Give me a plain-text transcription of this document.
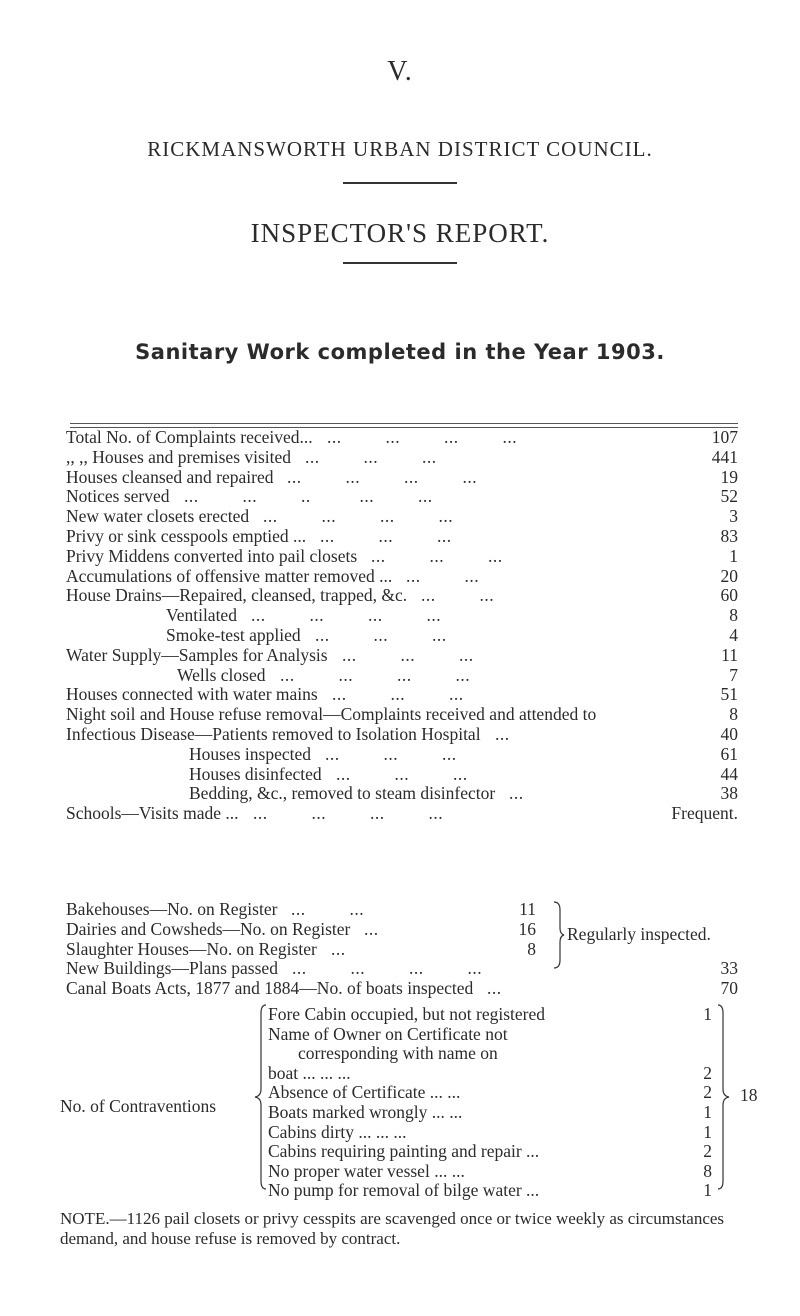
V.
RICKMANSWORTH URBAN DISTRICT COUNCIL.
INSPECTOR'S REPORT.
Sanitary Work completed in the Year 1903.
Total No. of Complaints received... ...         ...         ...         ...	107
,, ,, Houses and premises visited ...         ...         ...	441
Houses cleansed and repaired ...         ...         ...         ...	19
Notices served ...         ...         ..          ...         ...	52
New water closets erected ...         ...         ...         ...	3
Privy or sink cesspools emptied ... ...         ...         ...	83
Privy Middens converted into pail closets ...         ...         ...	1
Accumulations of offensive matter removed ... ...         ...	20
House Drains—Repaired, cleansed, trapped, &c. ...         ...	60
Ventilated ...         ...         ...         ...	8
Smoke-test applied ...         ...         ...	4
Water Supply—Samples for Analysis ...         ...         ...	11
Wells closed ...         ...         ...         ...	7
Houses connected with water mains ...         ...         ...	51
Night soil and House refuse removal—Complaints received and attended to	8
Infectious Disease—Patients removed to Isolation Hospital ...	40
Houses inspected ...         ...         ...	61
Houses disinfected ...         ...         ...	44
Bedding, &c., removed to steam disinfector ...	38
Schools—Visits made ... ...         ...         ...         ...	Frequent.
Bakehouses—No. on Register ...         ...	11
Dairies and Cowsheds—No. on Register ...	16
Slaughter Houses—No. on Register ...	8
Regularly inspected.
New Buildings—Plans passed ...         ...         ...         ...	33
Canal Boats Acts, 1877 and 1884—No. of boats inspected ...	70
No. of Contraventions
Fore Cabin occupied, but not registered	1
Name of Owner on Certificate not
corresponding with name on
boat ... ... ...	2
Absence of Certificate ... ...	2
Boats marked wrongly ... ...	1
Cabins dirty ... ... ...	1
Cabins requiring painting and repair ...	2
No proper water vessel ... ...	8
No pump for removal of bilge water ...	1
18
NOTE.—1126 pail closets or privy cesspits are scavenged once or twice weekly as circumstances demand, and house refuse is removed by contract.
